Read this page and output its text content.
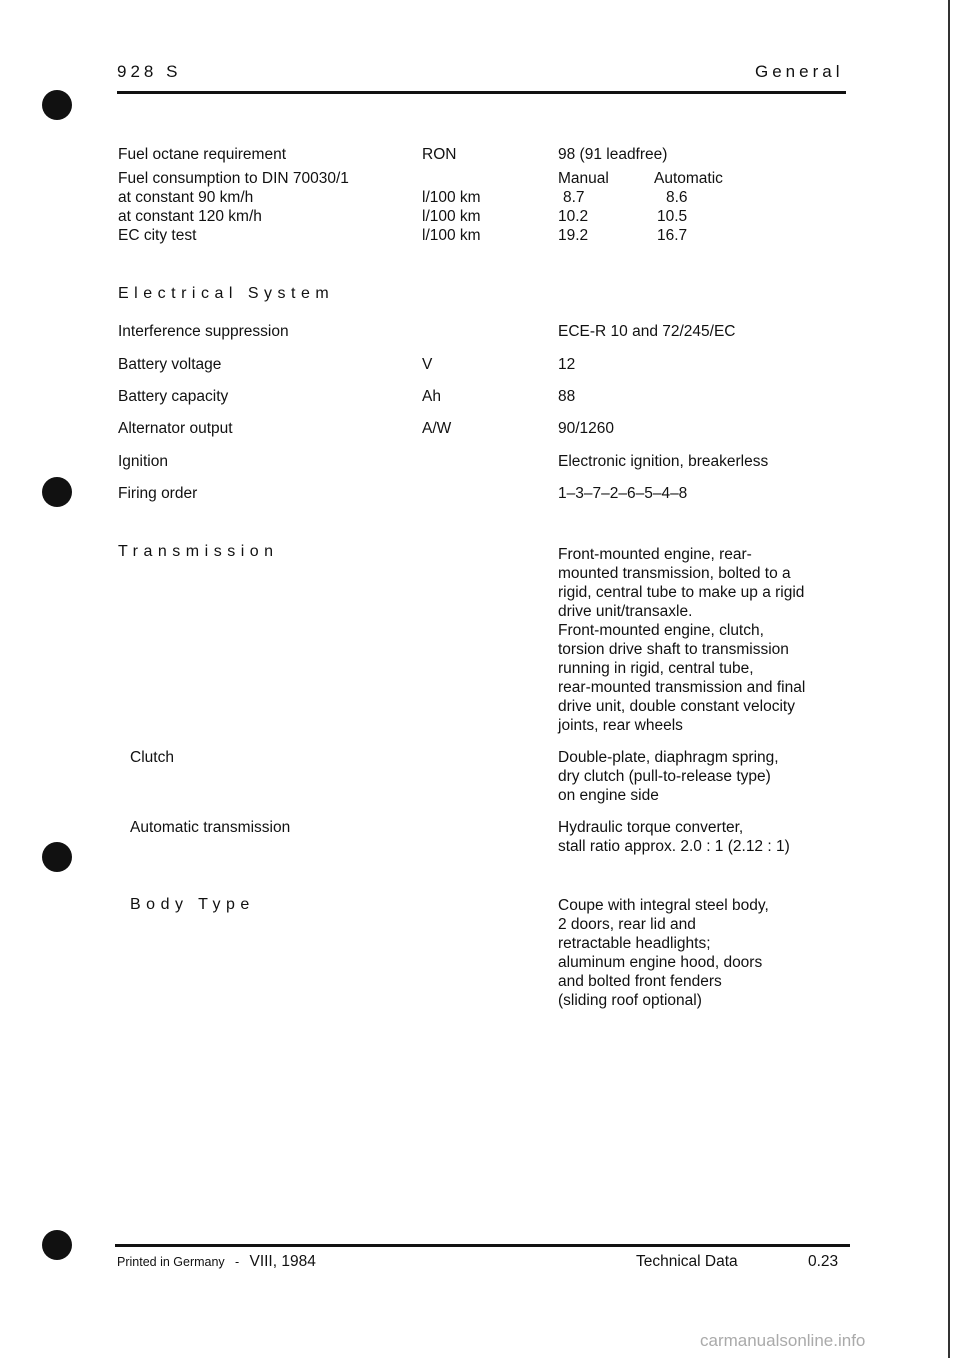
928 S	General
Fuel octane requirement	RON	98 (91 leadfree)
Fuel consumption to DIN 70030/1	Manual	Automatic
at constant 90 km/h	l/100 km	8.7	8.6
at constant 120 km/h	l/100 km	10.2	10.5
EC city test	l/100 km	19.2	16.7
Electrical System
Interference suppression	ECE-R 10 and 72/245/EC
Battery voltage	V	12
Battery capacity	Ah	88
Alternator output	A/W	90/1260
Ignition	Electronic ignition, breakerless
Firing order	1–3–7–2–6–5–4–8
Transmission	Front-mounted engine, rear-
mounted transmission, bolted to a
rigid, central tube to make up a rigid
drive unit/transaxle.
Front-mounted engine, clutch,
torsion drive shaft to transmission
running in rigid, central tube,
rear-mounted transmission and final
drive unit, double constant velocity
joints, rear wheels
Clutch	Double-plate, diaphragm spring,
dry clutch (pull-to-release type)
on engine side
Automatic transmission	Hydraulic torque converter,
stall ratio approx. 2.0 : 1 (2.12 : 1)
Body Type	Coupe with integral steel body,
2 doors, rear lid and
retractable headlights;
aluminum engine hood, doors
and bolted front fenders
(sliding roof optional)
Printed in Germany - VIII, 1984	Technical Data	0.23
carmanualsonline.info
